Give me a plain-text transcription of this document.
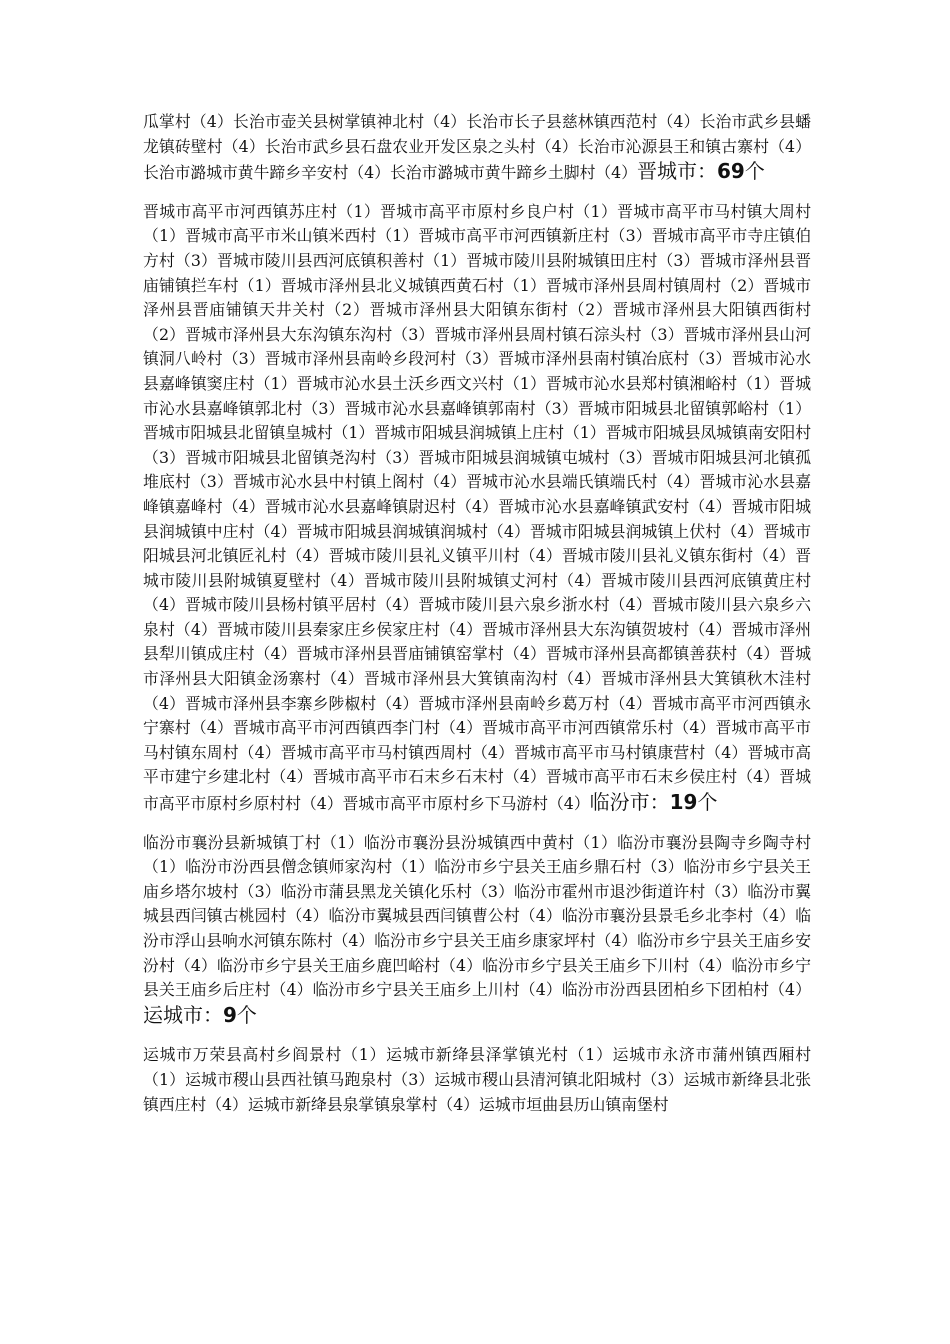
瓜掌村（4）长治市壶关县树掌镇神北村（4）长治市长子县慈林镇西范村（4）长治市武乡县蟠龙镇砖壁村（4）长治市武乡县石盘农业开发区泉之头村（4）长治市沁源县王和镇古寨村（4）长治市潞城市黄牛蹄乡辛安村（4）长治市潞城市黄牛蹄乡土脚村（4）晋城市：69个

晋城市高平市河西镇苏庄村（1）晋城市高平市原村乡良户村（1）晋城市高平市马村镇大周村（1）晋城市高平市米山镇米西村（1）晋城市高平市河西镇新庄村（3）晋城市高平市寺庄镇伯方村（3）晋城市陵川县西河底镇积善村（1）晋城市陵川县附城镇田庄村（3）晋城市泽州县晋庙铺镇拦车村（1）晋城市泽州县北义城镇西黄石村（1）晋城市泽州县周村镇周村（2）晋城市泽州县晋庙铺镇天井关村（2）晋城市泽州县大阳镇东街村（2）晋城市泽州县大阳镇西街村（2）晋城市泽州县大东沟镇东沟村（3）晋城市泽州县周村镇石淙头村（3）晋城市泽州县山河镇洞八岭村（3）晋城市泽州县南岭乡段河村（3）晋城市泽州县南村镇冶底村（3）晋城市沁水县嘉峰镇窦庄村（1）晋城市沁水县土沃乡西文兴村（1）晋城市沁水县郑村镇湘峪村（1）晋城市沁水县嘉峰镇郭北村（3）晋城市沁水县嘉峰镇郭南村（3）晋城市阳城县北留镇郭峪村（1）晋城市阳城县北留镇皇城村（1）晋城市阳城县润城镇上庄村（1）晋城市阳城县凤城镇南安阳村（3）晋城市阳城县北留镇尧沟村（3）晋城市阳城县润城镇屯城村（3）晋城市阳城县河北镇孤堆底村（3）晋城市沁水县中村镇上阁村（4）晋城市沁水县端氏镇端氏村（4）晋城市沁水县嘉峰镇嘉峰村（4）晋城市沁水县嘉峰镇尉迟村（4）晋城市沁水县嘉峰镇武安村（4）晋城市阳城县润城镇中庄村（4）晋城市阳城县润城镇润城村（4）晋城市阳城县润城镇上伏村（4）晋城市阳城县河北镇匠礼村（4）晋城市陵川县礼义镇平川村（4）晋城市陵川县礼义镇东街村（4）晋城市陵川县附城镇夏壁村（4）晋城市陵川县附城镇丈河村（4）晋城市陵川县西河底镇黄庄村（4）晋城市陵川县杨村镇平居村（4）晋城市陵川县六泉乡浙水村（4）晋城市陵川县六泉乡六泉村（4）晋城市陵川县秦家庄乡侯家庄村（4）晋城市泽州县大东沟镇贺坡村（4）晋城市泽州县犁川镇成庄村（4）晋城市泽州县晋庙铺镇窑掌村（4）晋城市泽州县高都镇善获村（4）晋城市泽州县大阳镇金汤寨村（4）晋城市泽州县大箕镇南沟村（4）晋城市泽州县大箕镇秋木洼村（4）晋城市泽州县李寨乡陟椒村（4）晋城市泽州县南岭乡葛万村（4）晋城市高平市河西镇永宁寨村（4）晋城市高平市河西镇西李门村（4）晋城市高平市河西镇常乐村（4）晋城市高平市马村镇东周村（4）晋城市高平市马村镇西周村（4）晋城市高平市马村镇康营村（4）晋城市高平市建宁乡建北村（4）晋城市高平市石末乡石末村（4）晋城市高平市石末乡侯庄村（4）晋城市高平市原村乡原村村（4）晋城市高平市原村乡下马游村（4）临汾市：19个

临汾市襄汾县新城镇丁村（1）临汾市襄汾县汾城镇西中黄村（1）临汾市襄汾县陶寺乡陶寺村（1）临汾市汾西县僧念镇师家沟村（1）临汾市乡宁县关王庙乡鼎石村（3）临汾市乡宁县关王庙乡塔尔坡村（3）临汾市蒲县黑龙关镇化乐村（3）临汾市霍州市退沙街道许村（3）临汾市翼城县西闫镇古桃园村（4）临汾市翼城县西闫镇曹公村（4）临汾市襄汾县景毛乡北李村（4）临汾市浮山县响水河镇东陈村（4）临汾市乡宁县关王庙乡康家坪村（4）临汾市乡宁县关王庙乡安汾村（4）临汾市乡宁县关王庙乡鹿凹峪村（4）临汾市乡宁县关王庙乡下川村（4）临汾市乡宁县关王庙乡后庄村（4）临汾市乡宁县关王庙乡上川村（4）临汾市汾西县团柏乡下团柏村（4）运城市：9个

运城市万荣县高村乡阎景村（1）运城市新绛县泽掌镇光村（1）运城市永济市蒲州镇西厢村（1）运城市稷山县西社镇马跑泉村（3）运城市稷山县清河镇北阳城村（3）运城市新绛县北张镇西庄村（4）运城市新绛县泉掌镇泉掌村（4）运城市垣曲县历山镇南堡村
